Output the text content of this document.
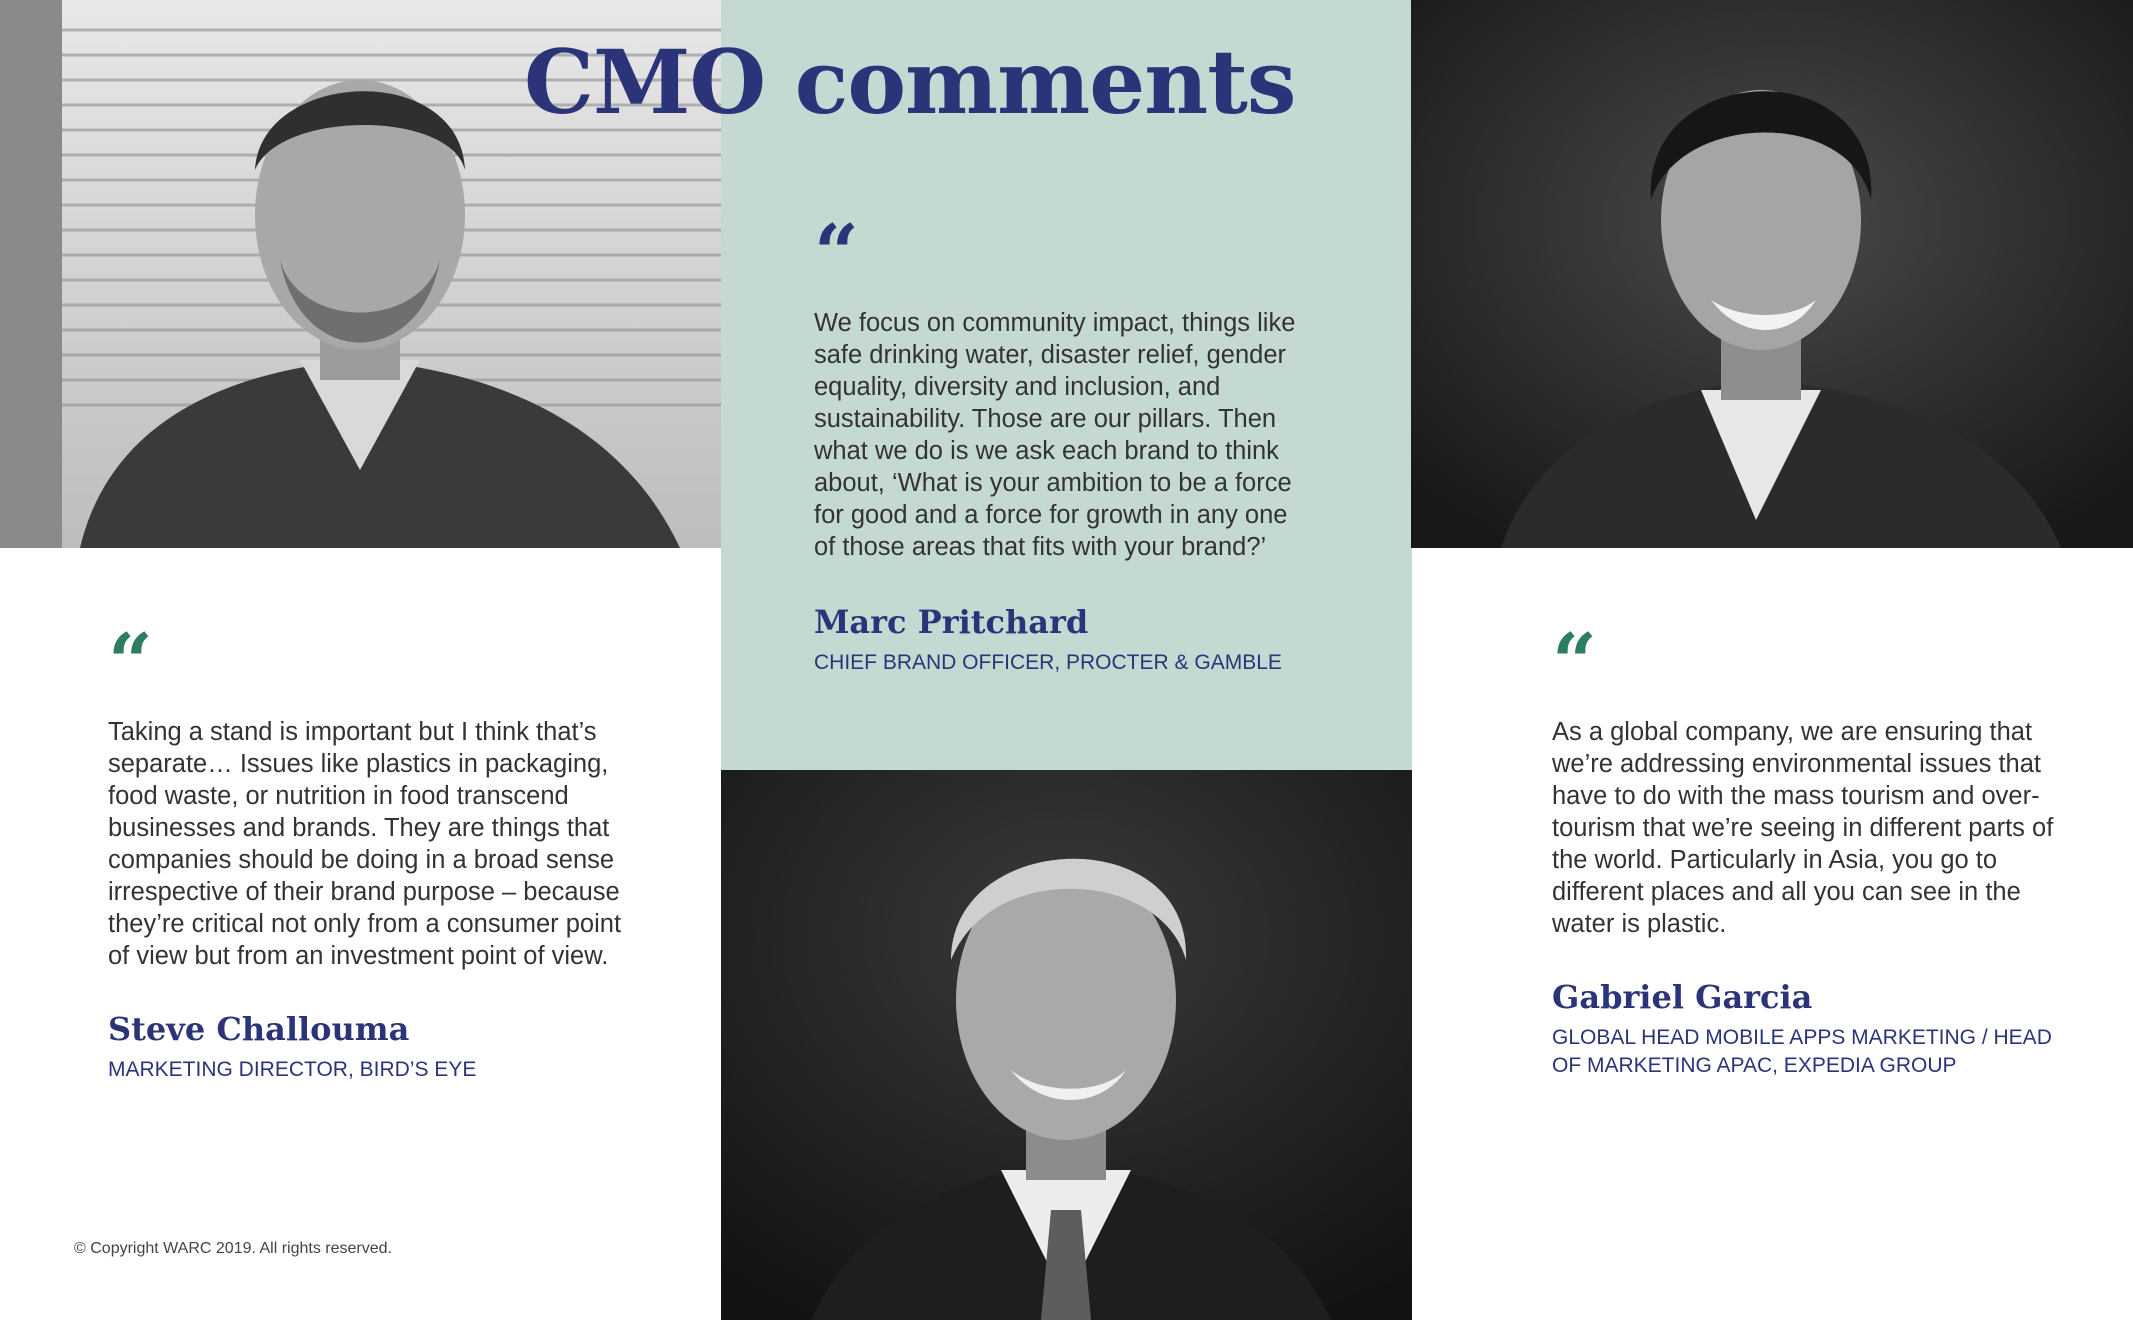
CMO comments
“

We focus on community impact, things like safe drinking water, disaster relief, gender equality, diversity and inclusion, and sustainability. Those are our pillars. Then what we do is we ask each brand to think about, ‘What is your ambition to be a force for good and a force for growth in any one of those areas that fits with your brand?’

Marc Pritchard

CHIEF BRAND OFFICER, PROCTER & GAMBLE

“

Taking a stand is important but I think that’s separate… Issues like plastics in packaging, food waste, or nutrition in food transcend businesses and brands. They are things that companies should be doing in a broad sense irrespective of their brand purpose – because they’re critical not only from a consumer point of view but from an investment point of view.

Steve Challouma

MARKETING DIRECTOR, BIRD’S EYE

“

As a global company, we are ensuring that we’re addressing environmental issues that have to do with the mass tourism and over-tourism that we’re seeing in different parts of the world. Particularly in Asia, you go to different places and all you can see in the water is plastic.

Gabriel Garcia

GLOBAL HEAD MOBILE APPS MARKETING / HEAD OF MARKETING APAC, EXPEDIA GROUP

© Copyright WARC 2019. All rights reserved.
